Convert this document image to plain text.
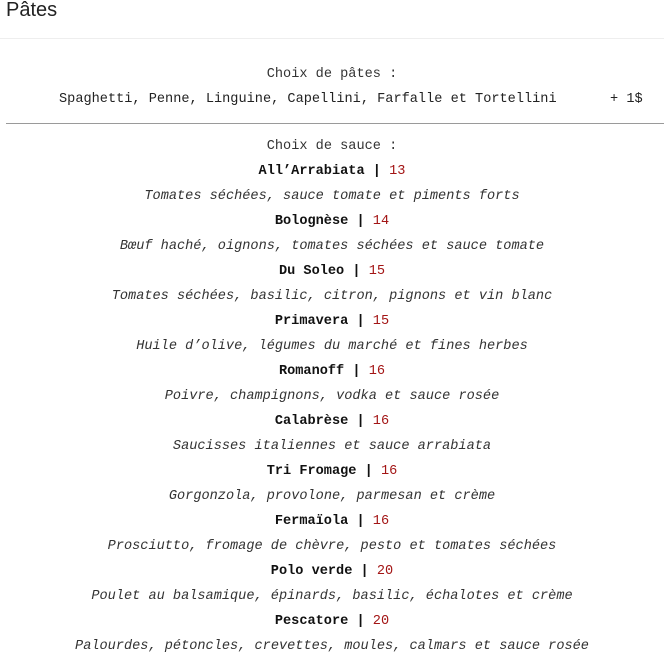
Pâtes
Choix de pâtes :
Spaghetti, Penne, Linguine, Capellini, Farfalle et Tortellini	+ 1$
Choix de sauce :
All’Arrabiata | 13
Tomates séchées, sauce tomate et piments forts
Bolognèse | 14
Bœuf haché, oignons, tomates séchées et sauce tomate
Du Soleo | 15
Tomates séchées, basilic, citron, pignons et vin blanc
Primavera | 15
Huile d’olive, légumes du marché et fines herbes
Romanoff | 16
Poivre, champignons, vodka et sauce rosée
Calabrèse | 16
Saucisses italiennes et sauce arrabiata
Tri Fromage | 16
Gorgonzola, provolone, parmesan et crème
Fermaïola | 16
Prosciutto, fromage de chèvre, pesto et tomates séchées
Polo verde | 20
Poulet au balsamique, épinards, basilic, échalotes et crème
Pescatore | 20
Palourdes, pétoncles, crevettes, moules, calmars et sauce rosée
